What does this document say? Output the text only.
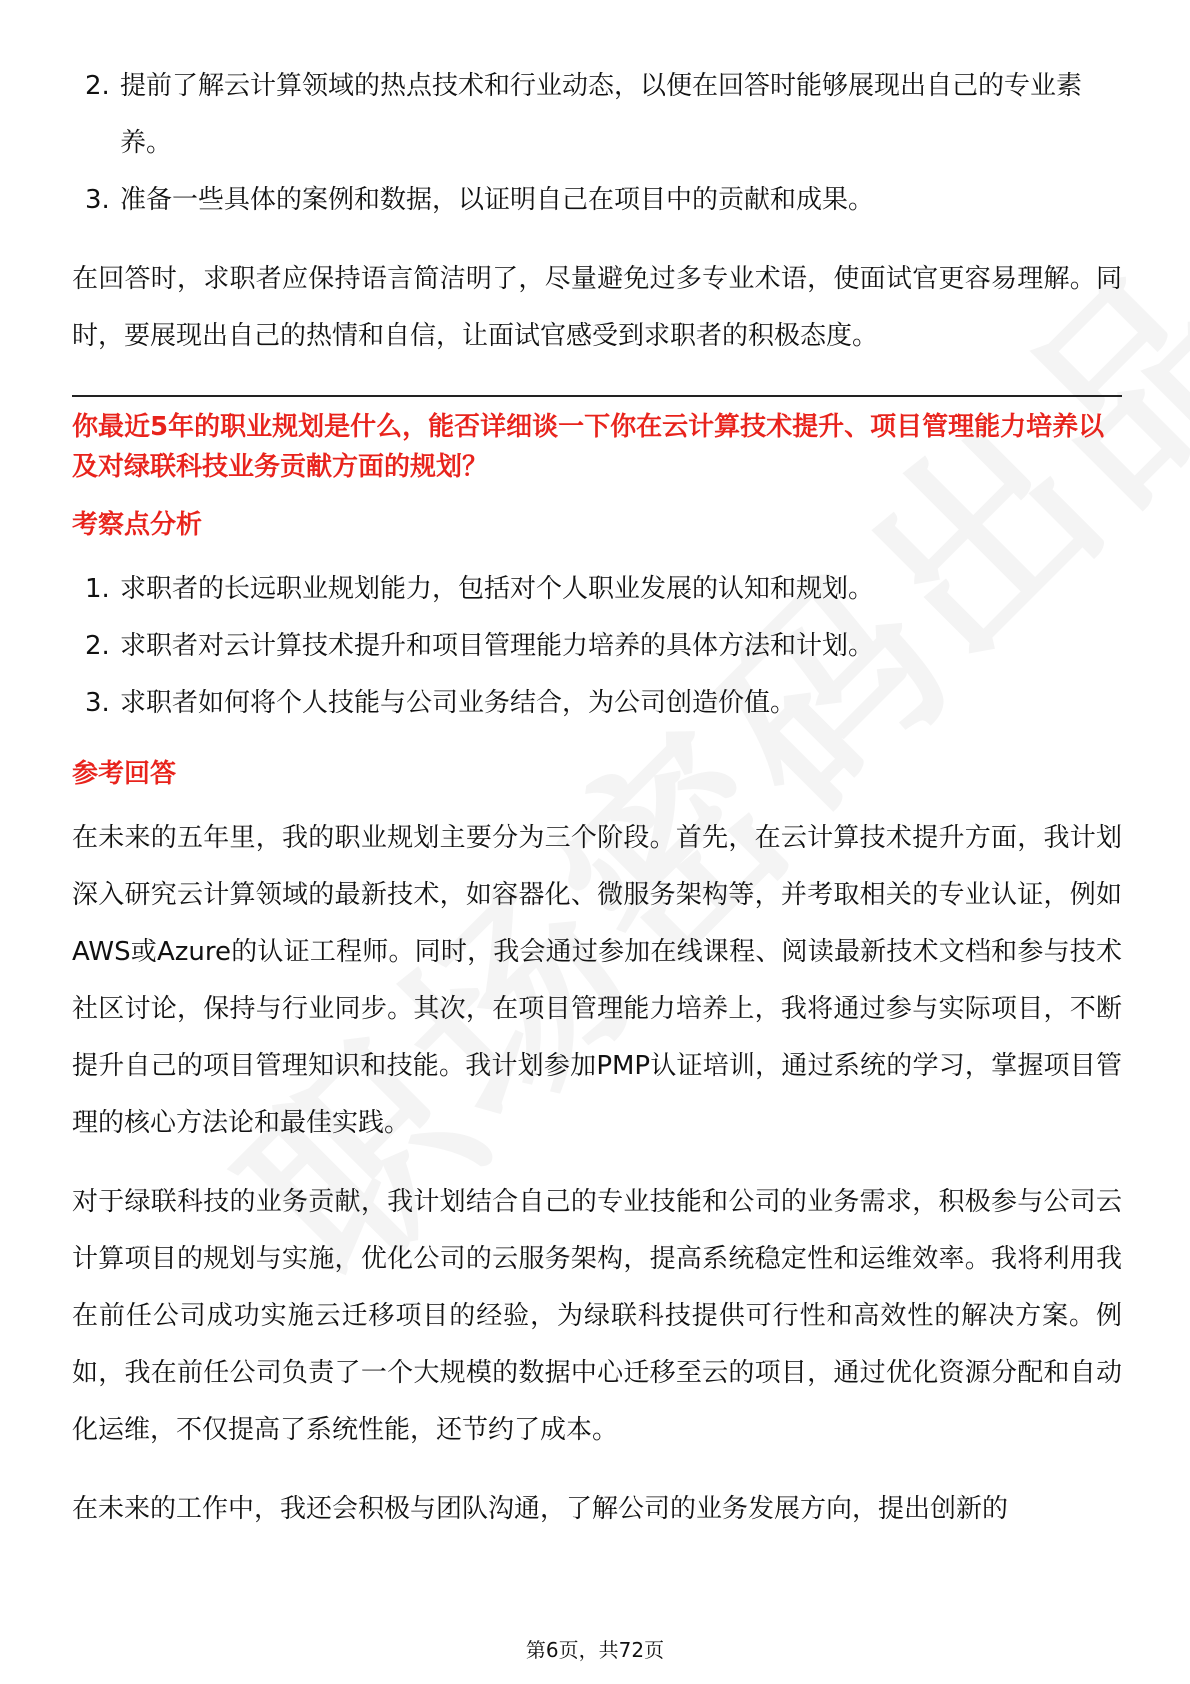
2. 提前了解云计算领域的热点技术和行业动态，以便在回答时能够展现出自己的专业素养。
3. 准备一些具体的案例和数据，以证明自己在项目中的贡献和成果。

在回答时，求职者应保持语言简洁明了，尽量避免过多专业术语，使面试官更容易理解。同时，要展现出自己的热情和自信，让面试官感受到求职者的积极态度。

你最近5年的职业规划是什么，能否详细谈一下你在云计算技术提升、项目管理能力培养以及对绿联科技业务贡献方面的规划？

考察点分析
1. 求职者的长远职业规划能力，包括对个人职业发展的认知和规划。
2. 求职者对云计算技术提升和项目管理能力培养的具体方法和计划。
3. 求职者如何将个人技能与公司业务结合，为公司创造价值。
参考回答

在未来的五年里，我的职业规划主要分为三个阶段。首先，在云计算技术提升方面，我计划深入研究云计算领域的最新技术，如容器化、微服务架构等，并考取相关的专业认证，例如AWS或Azure的认证工程师。同时，我会通过参加在线课程、阅读最新技术文档和参与技术社区讨论，保持与行业同步。其次，在项目管理能力培养上，我将通过参与实际项目，不断提升自己的项目管理知识和技能。我计划参加PMP认证培训，通过系统的学习，掌握项目管理的核心方法论和最佳实践。

对于绿联科技的业务贡献，我计划结合自己的专业技能和公司的业务需求，积极参与公司云计算项目的规划与实施，优化公司的云服务架构，提高系统稳定性和运维效率。我将利用我在前任公司成功实施云迁移项目的经验，为绿联科技提供可行性和高效性的解决方案。例如，我在前任公司负责了一个大规模的数据中心迁移至云的项目，通过优化资源分配和自动化运维，不仅提高了系统性能，还节约了成本。

在未来的工作中，我还会积极与团队沟通，了解公司的业务发展方向，提出创新的

第6页，共72页
